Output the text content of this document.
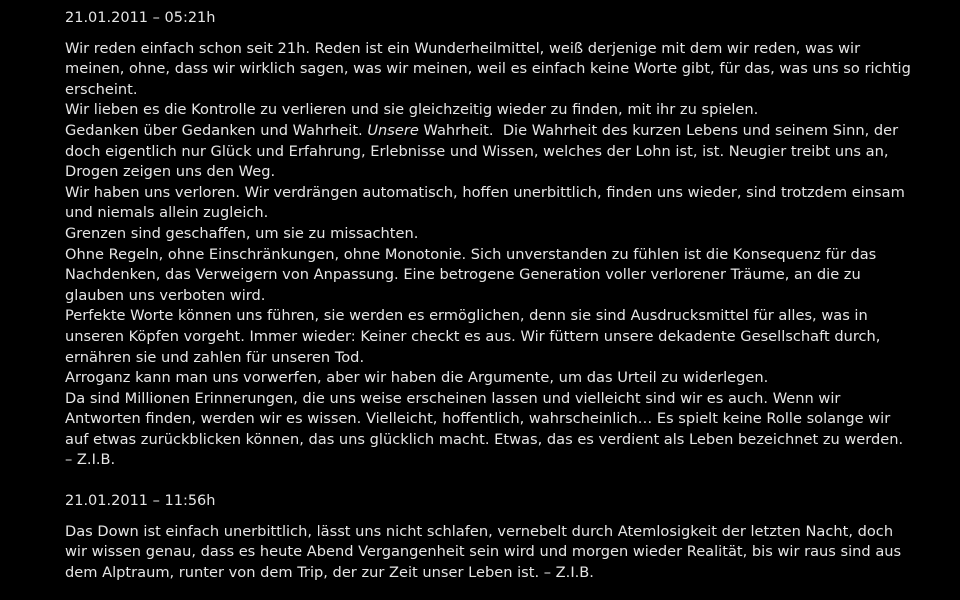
21.01.2011 – 05:21h
Wir reden einfach schon seit 21h. Reden ist ein Wunderheilmittel, weiß derjenige mit dem wir reden, was wir
meinen, ohne, dass wir wirklich sagen, was wir meinen, weil es einfach keine Worte gibt, für das, was uns so richtig
erscheint.
Wir lieben es die Kontrolle zu verlieren und sie gleichzeitig wieder zu finden, mit ihr zu spielen.
Gedanken über Gedanken und Wahrheit. Unsere Wahrheit.  Die Wahrheit des kurzen Lebens und seinem Sinn, der
doch eigentlich nur Glück und Erfahrung, Erlebnisse und Wissen, welches der Lohn ist, ist. Neugier treibt uns an,
Drogen zeigen uns den Weg.
Wir haben uns verloren. Wir verdrängen automatisch, hoffen unerbittlich, finden uns wieder, sind trotzdem einsam
und niemals allein zugleich.
Grenzen sind geschaffen, um sie zu missachten.
Ohne Regeln, ohne Einschränkungen, ohne Monotonie. Sich unverstanden zu fühlen ist die Konsequenz für das
Nachdenken, das Verweigern von Anpassung. Eine betrogene Generation voller verlorener Träume, an die zu
glauben uns verboten wird.
Perfekte Worte können uns führen, sie werden es ermöglichen, denn sie sind Ausdrucksmittel für alles, was in
unseren Köpfen vorgeht. Immer wieder: Keiner checkt es aus. Wir füttern unsere dekadente Gesellschaft durch,
ernähren sie und zahlen für unseren Tod.
Arroganz kann man uns vorwerfen, aber wir haben die Argumente, um das Urteil zu widerlegen.
Da sind Millionen Erinnerungen, die uns weise erscheinen lassen und vielleicht sind wir es auch. Wenn wir
Antworten finden, werden wir es wissen. Vielleicht, hoffentlich, wahrscheinlich… Es spielt keine Rolle solange wir
auf etwas zurückblicken können, das uns glücklich macht. Etwas, das es verdient als Leben bezeichnet zu werden.
– Z.I.B.
21.01.2011 – 11:56h
Das Down ist einfach unerbittlich, lässt uns nicht schlafen, vernebelt durch Atemlosigkeit der letzten Nacht, doch
wir wissen genau, dass es heute Abend Vergangenheit sein wird und morgen wieder Realität, bis wir raus sind aus
dem Alptraum, runter von dem Trip, der zur Zeit unser Leben ist. – Z.I.B.
